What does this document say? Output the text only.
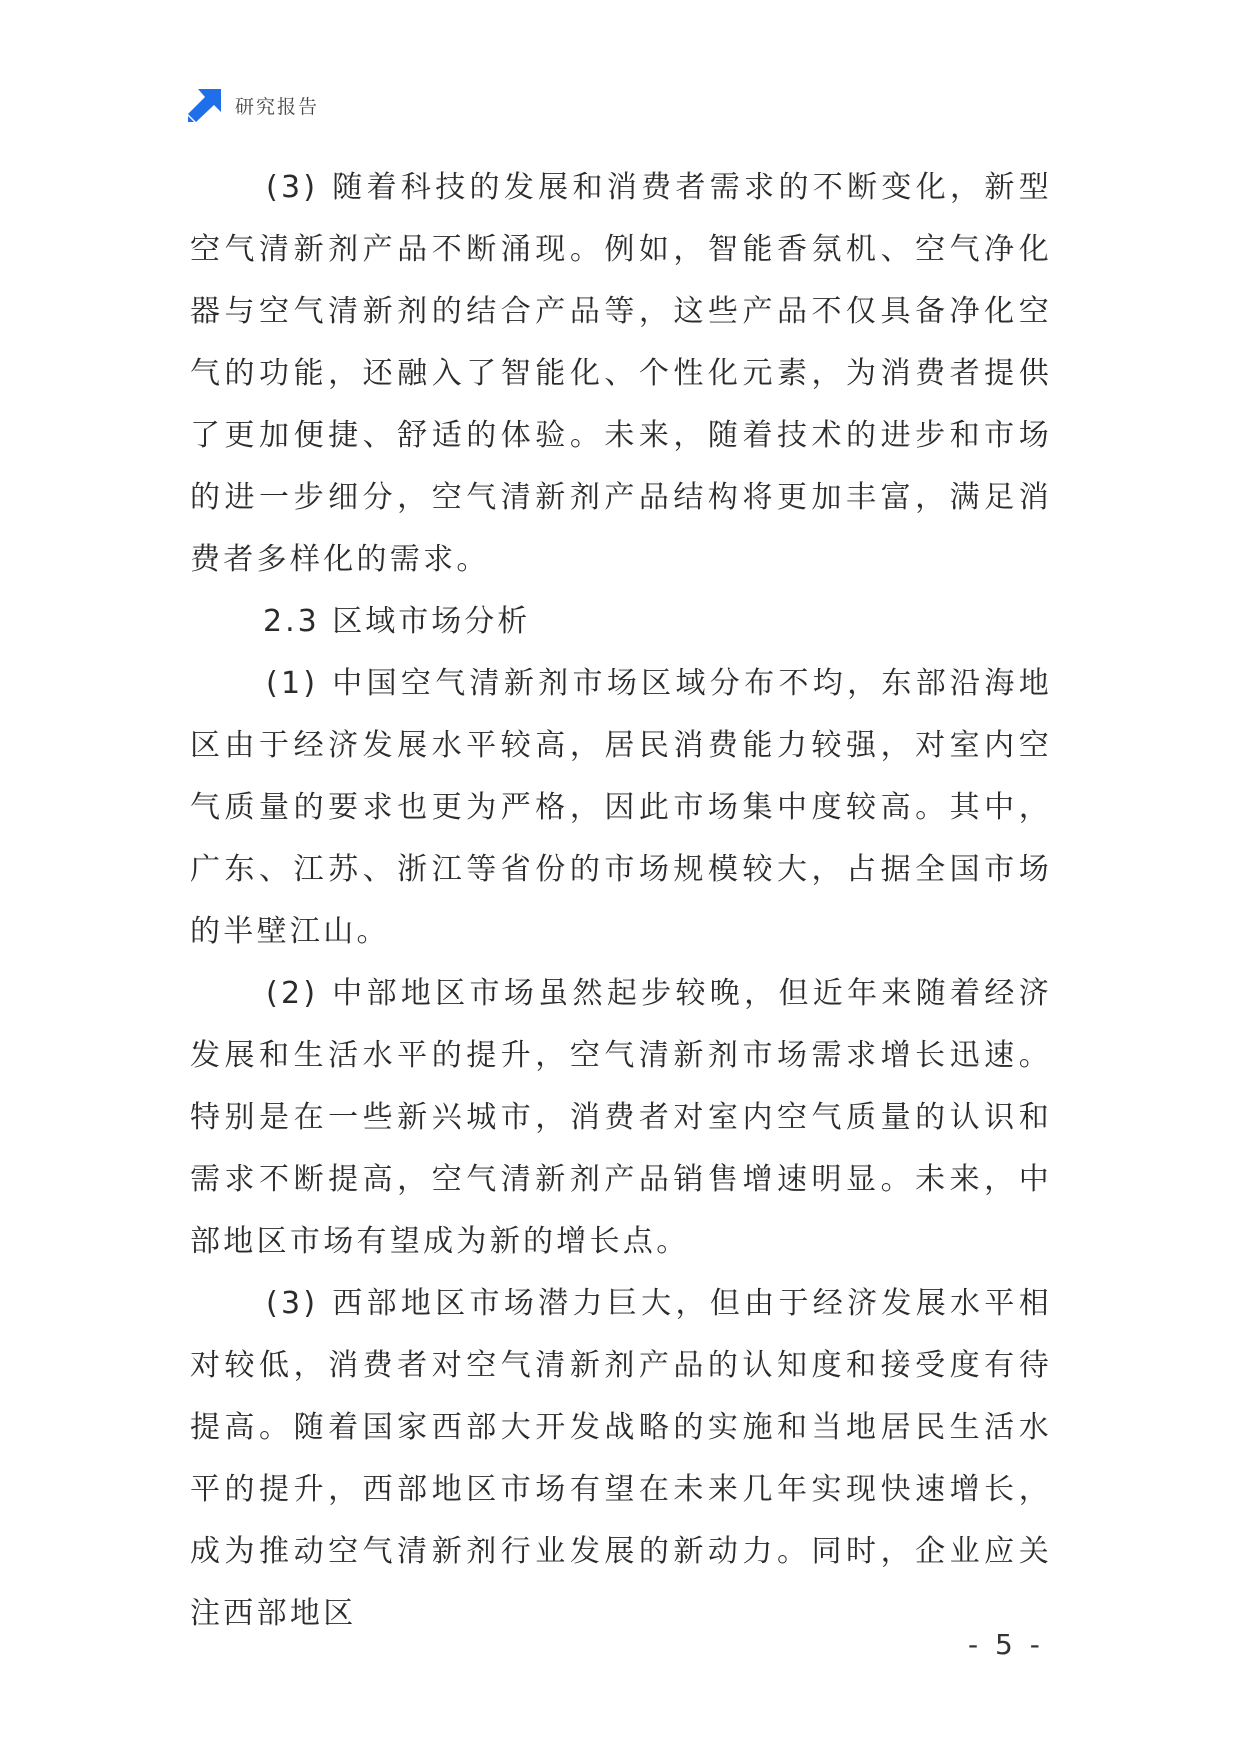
研究报告

(3) 随着科技的发展和消费者需求的不断变化，新型空气清新剂产品不断涌现。例如，智能香氛机、空气净化器与空气清新剂的结合产品等，这些产品不仅具备净化空气的功能，还融入了智能化、个性化元素，为消费者提供了更加便捷、舒适的体验。未来，随着技术的进步和市场的进一步细分，空气清新剂产品结构将更加丰富，满足消费者多样化的需求。

2.3 区域市场分析

(1) 中国空气清新剂市场区域分布不均，东部沿海地区由于经济发展水平较高，居民消费能力较强，对室内空气质量的要求也更为严格，因此市场集中度较高。其中，广东、江苏、浙江等省份的市场规模较大，占据全国市场的半壁江山。

(2) 中部地区市场虽然起步较晚，但近年来随着经济发展和生活水平的提升，空气清新剂市场需求增长迅速。特别是在一些新兴城市，消费者对室内空气质量的认识和需求不断提高，空气清新剂产品销售增速明显。未来，中部地区市场有望成为新的增长点。

(3) 西部地区市场潜力巨大，但由于经济发展水平相对较低，消费者对空气清新剂产品的认知度和接受度有待提高。随着国家西部大开发战略的实施和当地居民生活水平的提升，西部地区市场有望在未来几年实现快速增长，成为推动空气清新剂行业发展的新动力。同时，企业应关注西部地区

- 5 -
